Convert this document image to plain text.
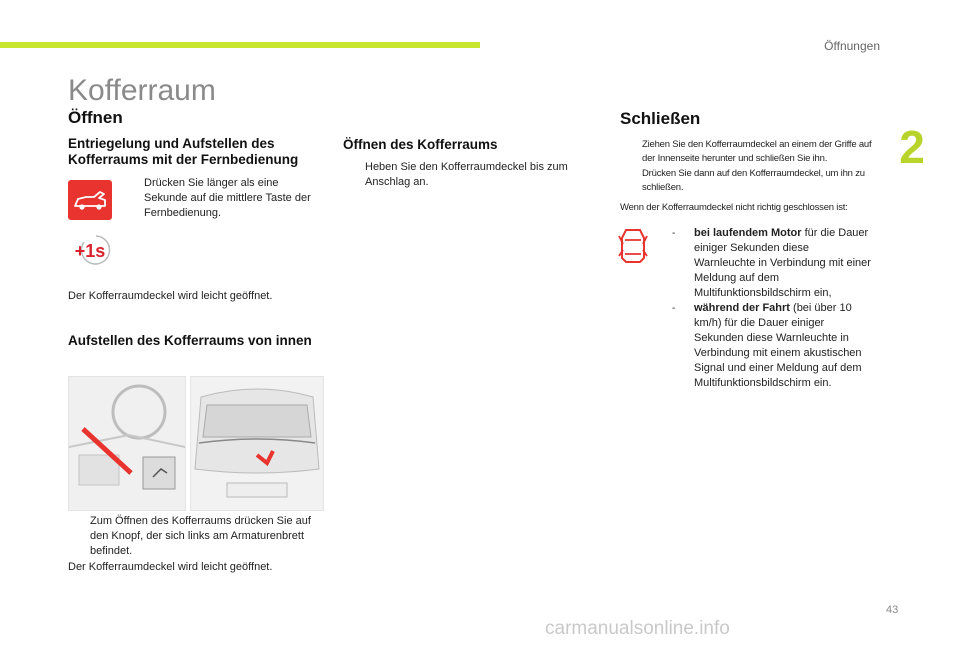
Öffnungen
2
Kofferraum
Öffnen
Entriegelung und Aufstellen des Kofferraums mit der Fernbedienung
Drücken Sie länger als eine Sekunde auf die mittlere Taste der Fernbedienung.
+1s
Der Kofferraumdeckel wird leicht geöffnet.
Aufstellen des Kofferraums von innen
Zum Öffnen des Kofferraums drücken Sie auf den Knopf, der sich links am Armaturenbrett befindet.
Der Kofferraumdeckel wird leicht geöffnet.
Öffnen des Kofferraums
Heben Sie den Kofferraumdeckel bis zum Anschlag an.
Schließen
Ziehen Sie den Kofferraumdeckel an einem der Griffe auf der Innenseite herunter und schließen Sie ihn.
Drücken Sie dann auf den Kofferraumdeckel, um ihn zu schließen.
Wenn der Kofferraumdeckel nicht richtig geschlossen ist:
-	bei laufendem Motor für die Dauer einiger Sekunden diese Warnleuchte in Verbindung mit einer Meldung auf dem Multifunktionsbildschirm ein,
-	während der Fahrt (bei über 10 km/h) für die Dauer einiger Sekunden diese Warnleuchte in Verbindung mit einem akustischen Signal und einer Meldung auf dem Multifunktionsbildschirm ein.
43
carmanualsonline.info
